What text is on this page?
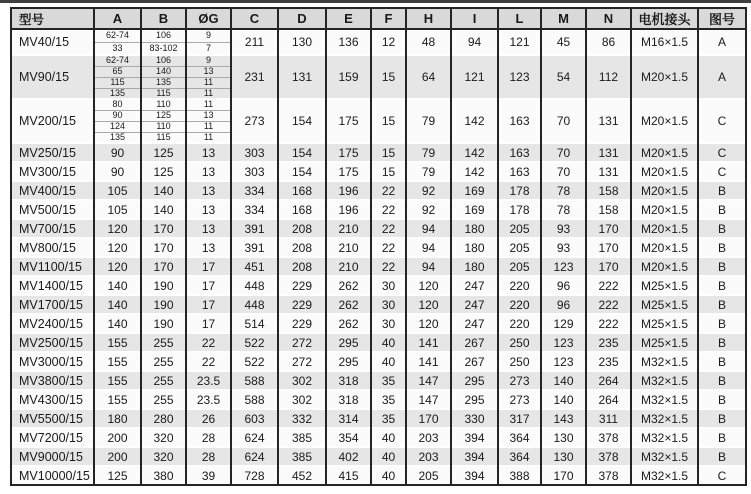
型号	A	B	ØG	C	D	E	F	H	I	L	M	N	电机接头	图号
MV40/15	62-74	106	9	211	130	136	12	48	94	121	45	86	M16×1.5	A
	33	83-102	7											
MV90/15	62-74	106	9	231	131	159	15	64	121	123	54	112	M20×1.5	A
	65	140	13											
	115	135	11											
	135	115	11											
MV200/15	80	110	11	273	154	175	15	79	142	163	70	131	M20×1.5	C
	90	125	13											
	124	110	11											
	135	115	11											
MV250/15	90	125	13	303	154	175	15	79	142	163	70	131	M20×1.5	C
MV300/15	90	125	13	303	154	175	15	79	142	163	70	131	M20×1.5	C
MV400/15	105	140	13	334	168	196	22	92	169	178	78	158	M20×1.5	B
MV500/15	105	140	13	334	168	196	22	92	169	178	78	158	M20×1.5	B
MV700/15	120	170	13	391	208	210	22	94	180	205	93	170	M20×1.5	B
MV800/15	120	170	13	391	208	210	22	94	180	205	93	170	M20×1.5	B
MV1100/15	120	170	17	451	208	210	22	94	180	205	123	170	M20×1.5	B
MV1400/15	140	190	17	448	229	262	30	120	247	220	96	222	M25×1.5	B
MV1700/15	140	190	17	448	229	262	30	120	247	220	96	222	M25×1.5	B
MV2400/15	140	190	17	514	229	262	30	120	247	220	129	222	M25×1.5	B
MV2500/15	155	255	22	522	272	295	40	141	267	250	123	235	M25×1.5	B
MV3000/15	155	255	22	522	272	295	40	141	267	250	123	235	M32×1.5	B
MV3800/15	155	255	23.5	588	302	318	35	147	295	273	140	264	M32×1.5	B
MV4300/15	155	255	23.5	588	302	318	35	147	295	273	140	264	M32×1.5	B
MV5500/15	180	280	26	603	332	314	35	170	330	317	143	311	M32×1.5	B
MV7200/15	200	320	28	624	385	354	40	203	394	364	130	378	M32×1.5	B
MV9000/15	200	320	28	624	385	402	40	203	394	364	130	378	M32×1.5	B
MV10000/15	125	380	39	728	452	415	40	205	394	388	170	378	M32×1.5	C
